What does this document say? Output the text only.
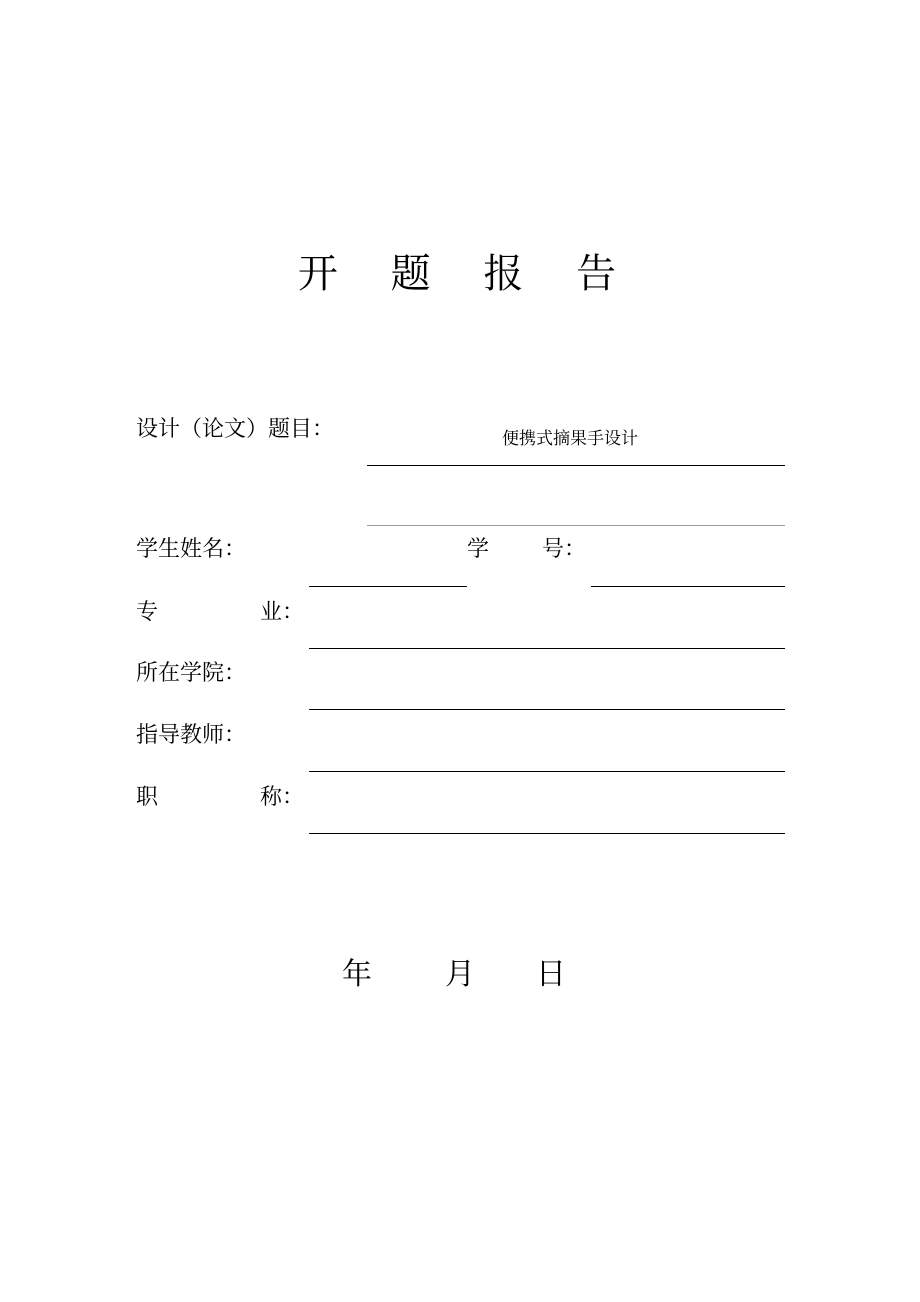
开 题 报 告
设计（论文）题目：	便携式摘果手设计
学生姓名：	学 号：
专	业：
所在学院：
指导教师：
职	称：
年 月 日
